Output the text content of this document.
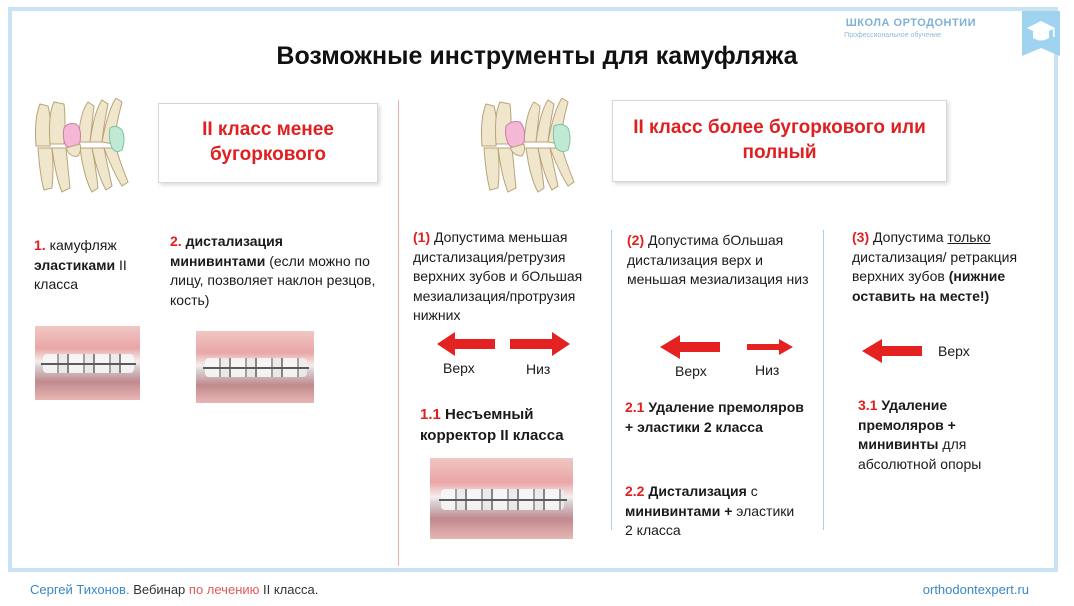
ШКОЛА ОРТОДОНТИИ
Профессиональное обучение
Возможные инструменты для камуфляжа
II класс менее бугоркового
1. камуфляж эластиками II класса
2. дистализация минивинтами (если можно по лицу, позволяет наклон резцов, кость)
II класс более бугоркового или полный
(1) Допустима меньшая дистализация/ретрузия верхних зубов и бОльшая мезиализация/протрузия нижних
Верх	Низ
1.1 Несъемный корректор II класса
(2) Допустима бОльшая дистализация верх и меньшая мезиализация низ
Верх	Низ
2.1 Удаление премоляров + эластики 2 класса
2.2 Дистализация с минивинтами + эластики 2 класса
(3) Допустима только дистализация/ ретракция верхних зубов (нижние оставить на месте!)
Верх
3.1 Удаление премоляров + минивинты для абсолютной опоры
Сергей Тихонов. Вебинар по лечению II класса.	orthodontexpert.ru
